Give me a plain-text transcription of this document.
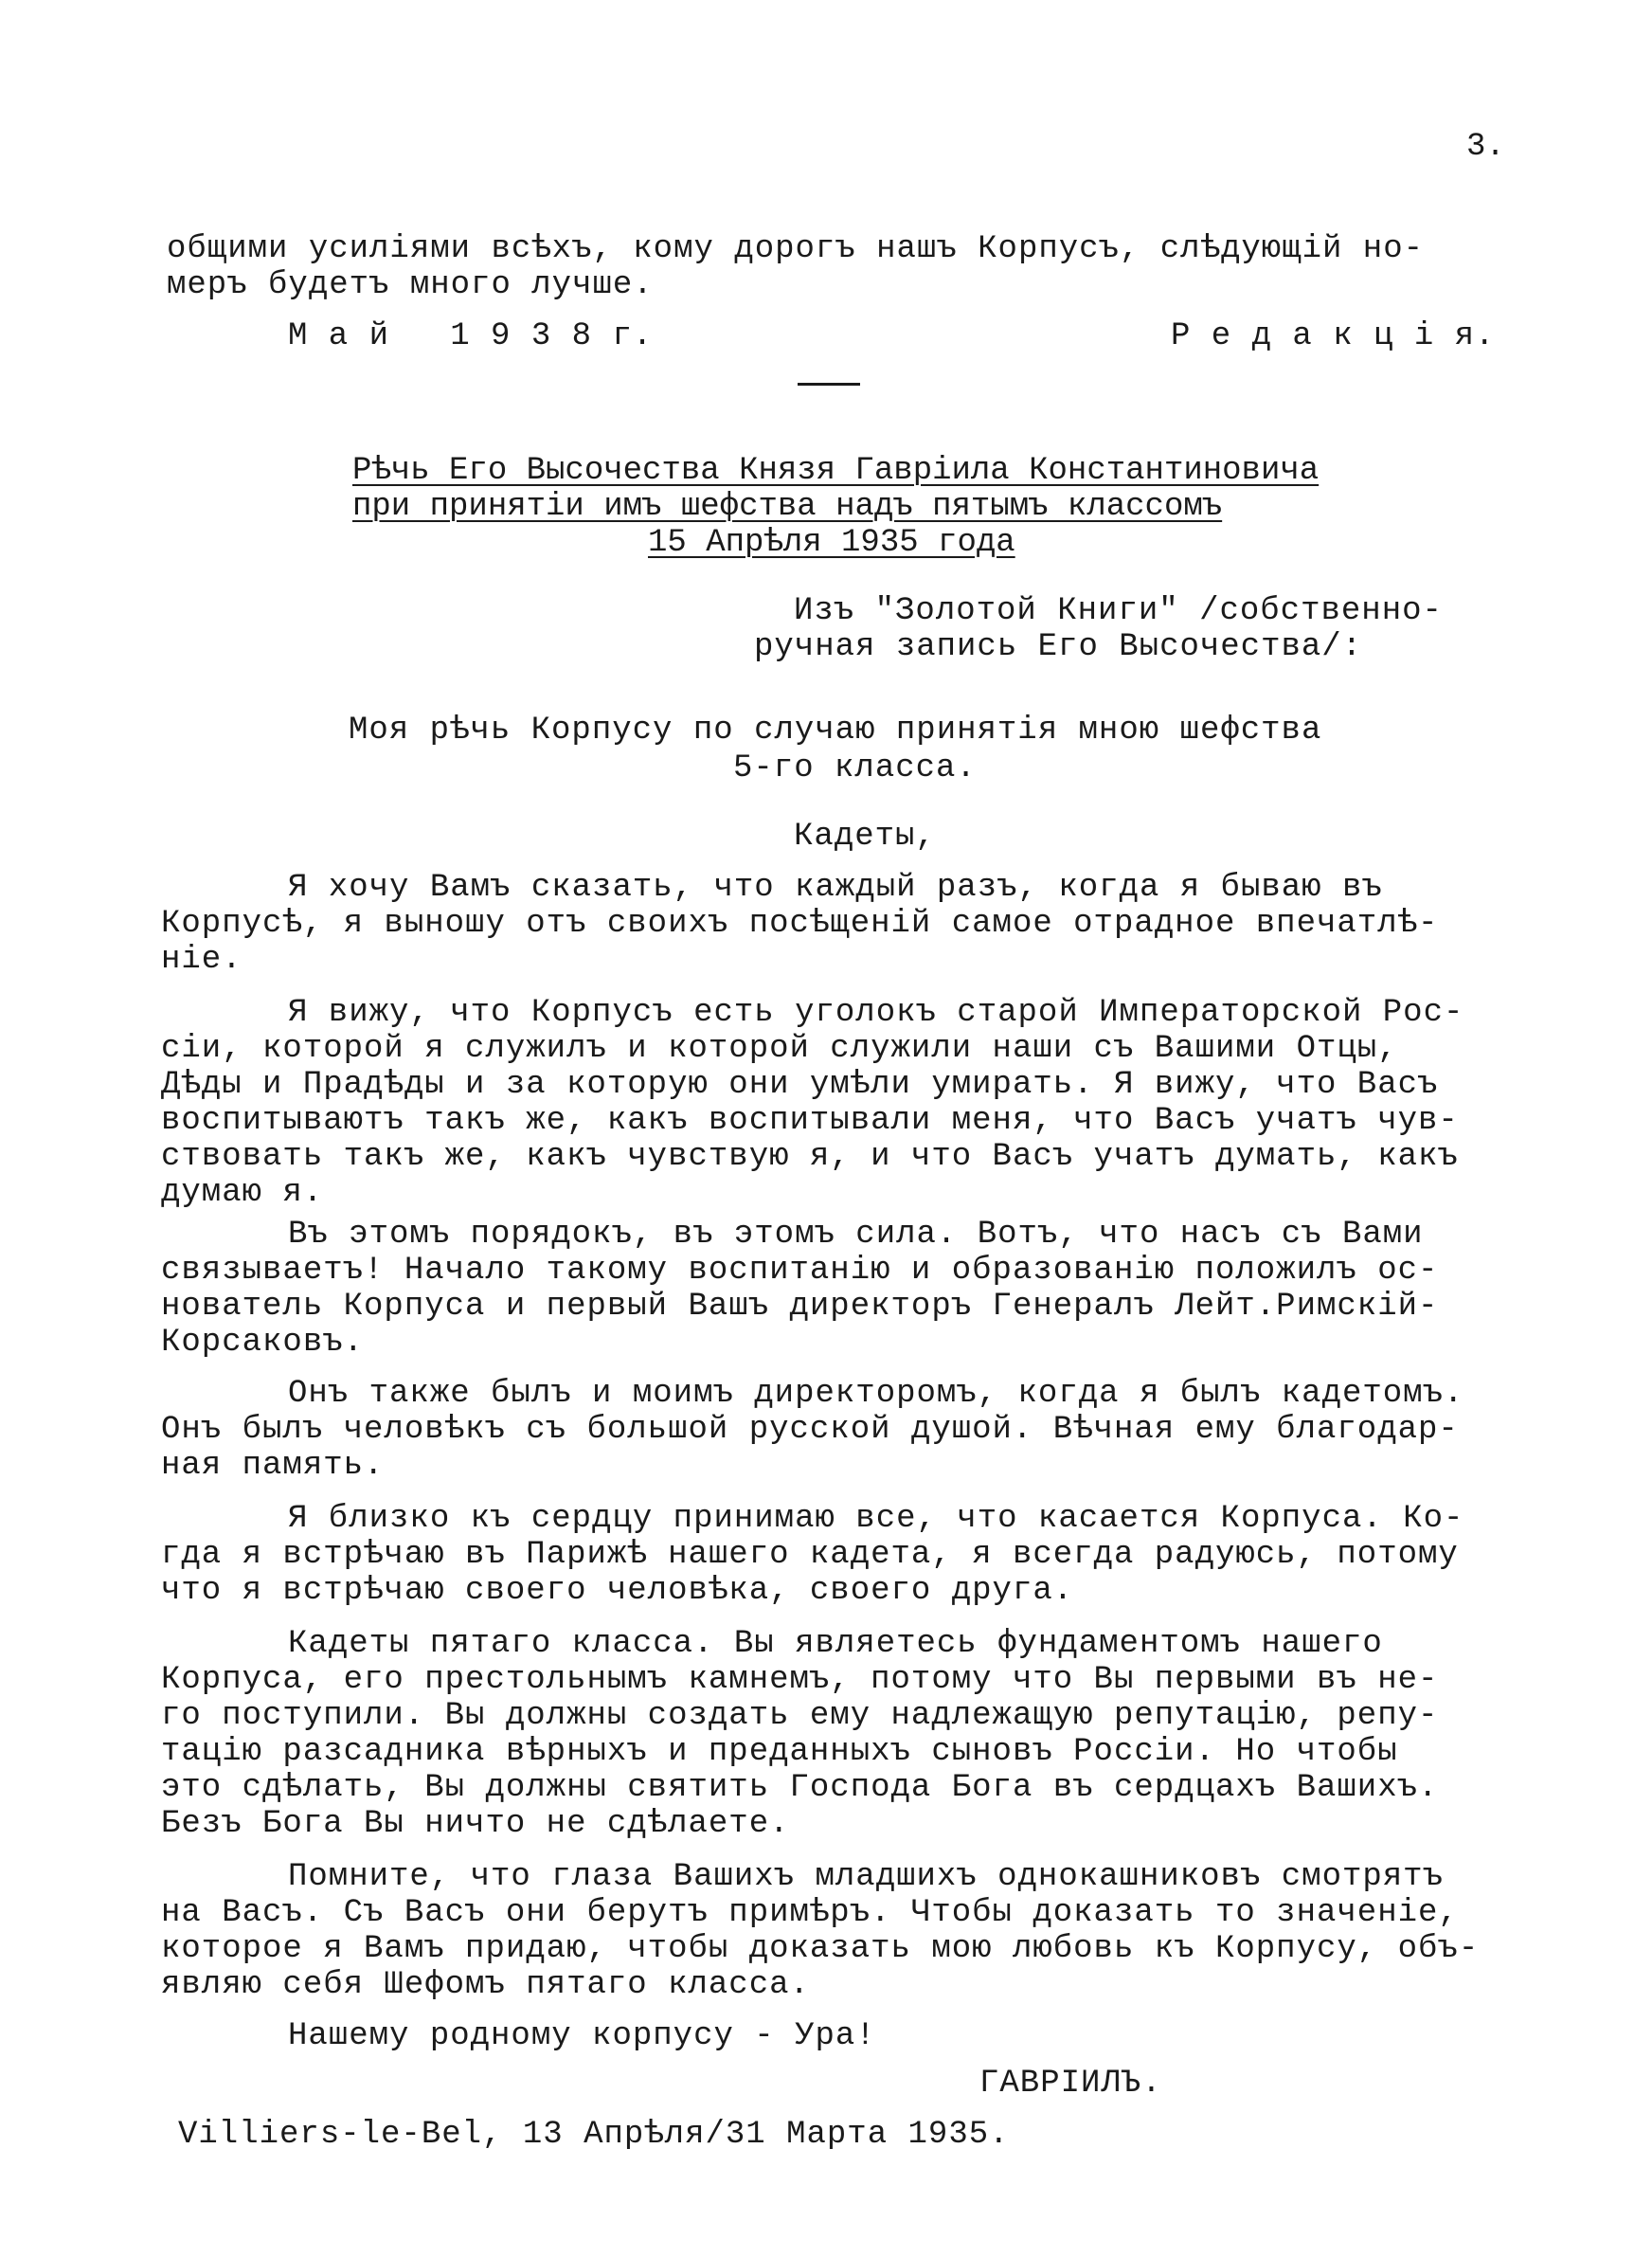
3.
общими усиліями всѣхъ, кому дорогъ нашъ Корпусъ, слѣдующій но-
меръ будетъ много лучше.
М а й   1 9 3 8 г.	Р е д а к ц і я.
Рѣчь Его Высочества Князя Гавріила Константиновича
при принятіи имъ шефства надъ пятымъ классомъ
15 Апрѣля 1935 года
Изъ "Золотой Книги" /собственно-
ручная запись Его Высочества/:
Моя рѣчь Корпусу по случаю принятія мною шефства
5-го класса.
Кадеты,
Я хочу Вамъ сказать, что каждый разъ, когда я бываю въ
Корпусѣ, я выношу отъ своихъ посѣщеній самое отрадное впечатлѣ-
ніе.
Я вижу, что Корпусъ есть уголокъ старой Императорской Рос-
сіи, которой я служилъ и которой служили наши съ Вашими Отцы,
Дѣды и Прадѣды и за которую они умѣли умирать. Я вижу, что Васъ
воспитываютъ такъ же, какъ воспитывали меня, что Васъ учатъ чув-
ствовать такъ же, какъ чувствую я, и что Васъ учатъ думать, какъ
думаю я.
Въ этомъ порядокъ, въ этомъ сила. Вотъ, что насъ съ Вами
связываетъ! Начало такому воспитанію и образованію положилъ ос-
нователь Корпуса и первый Вашъ директоръ Генералъ Лейт.Римскій-
Корсаковъ.
Онъ также былъ и моимъ директоромъ, когда я былъ кадетомъ.
Онъ былъ человѣкъ съ большой русской душой. Вѣчная ему благодар-
ная память.
Я близко къ сердцу принимаю все, что касается Корпуса. Ко-
гда я встрѣчаю въ Парижѣ нашего кадета, я всегда радуюсь, потому
что я встрѣчаю своего человѣка, своего друга.
Кадеты пятаго класса. Вы являетесь фундаментомъ нашего
Корпуса, его престольнымъ камнемъ, потому что Вы первыми въ не-
го поступили. Вы должны создать ему надлежащую репутацію, репу-
тацію разсадника вѣрныхъ и преданныхъ сыновъ Россіи. Но чтобы
это сдѣлать, Вы должны святить Господа Бога въ сердцахъ Вашихъ.
Безъ Бога Вы ничто не сдѣлаете.
Помните, что глаза Вашихъ младшихъ однокашниковъ смотрятъ
на Васъ. Съ Васъ они берутъ примѣръ. Чтобы доказать то значеніе,
которое я Вамъ придаю, чтобы доказать мою любовь къ Корпусу, объ-
являю себя Шефомъ пятаго класса.
Нашему родному корпусу - Ура!
ГАВРІИЛЪ.
Villiers-le-Bel, 13 Апрѣля/31 Марта 1935.
